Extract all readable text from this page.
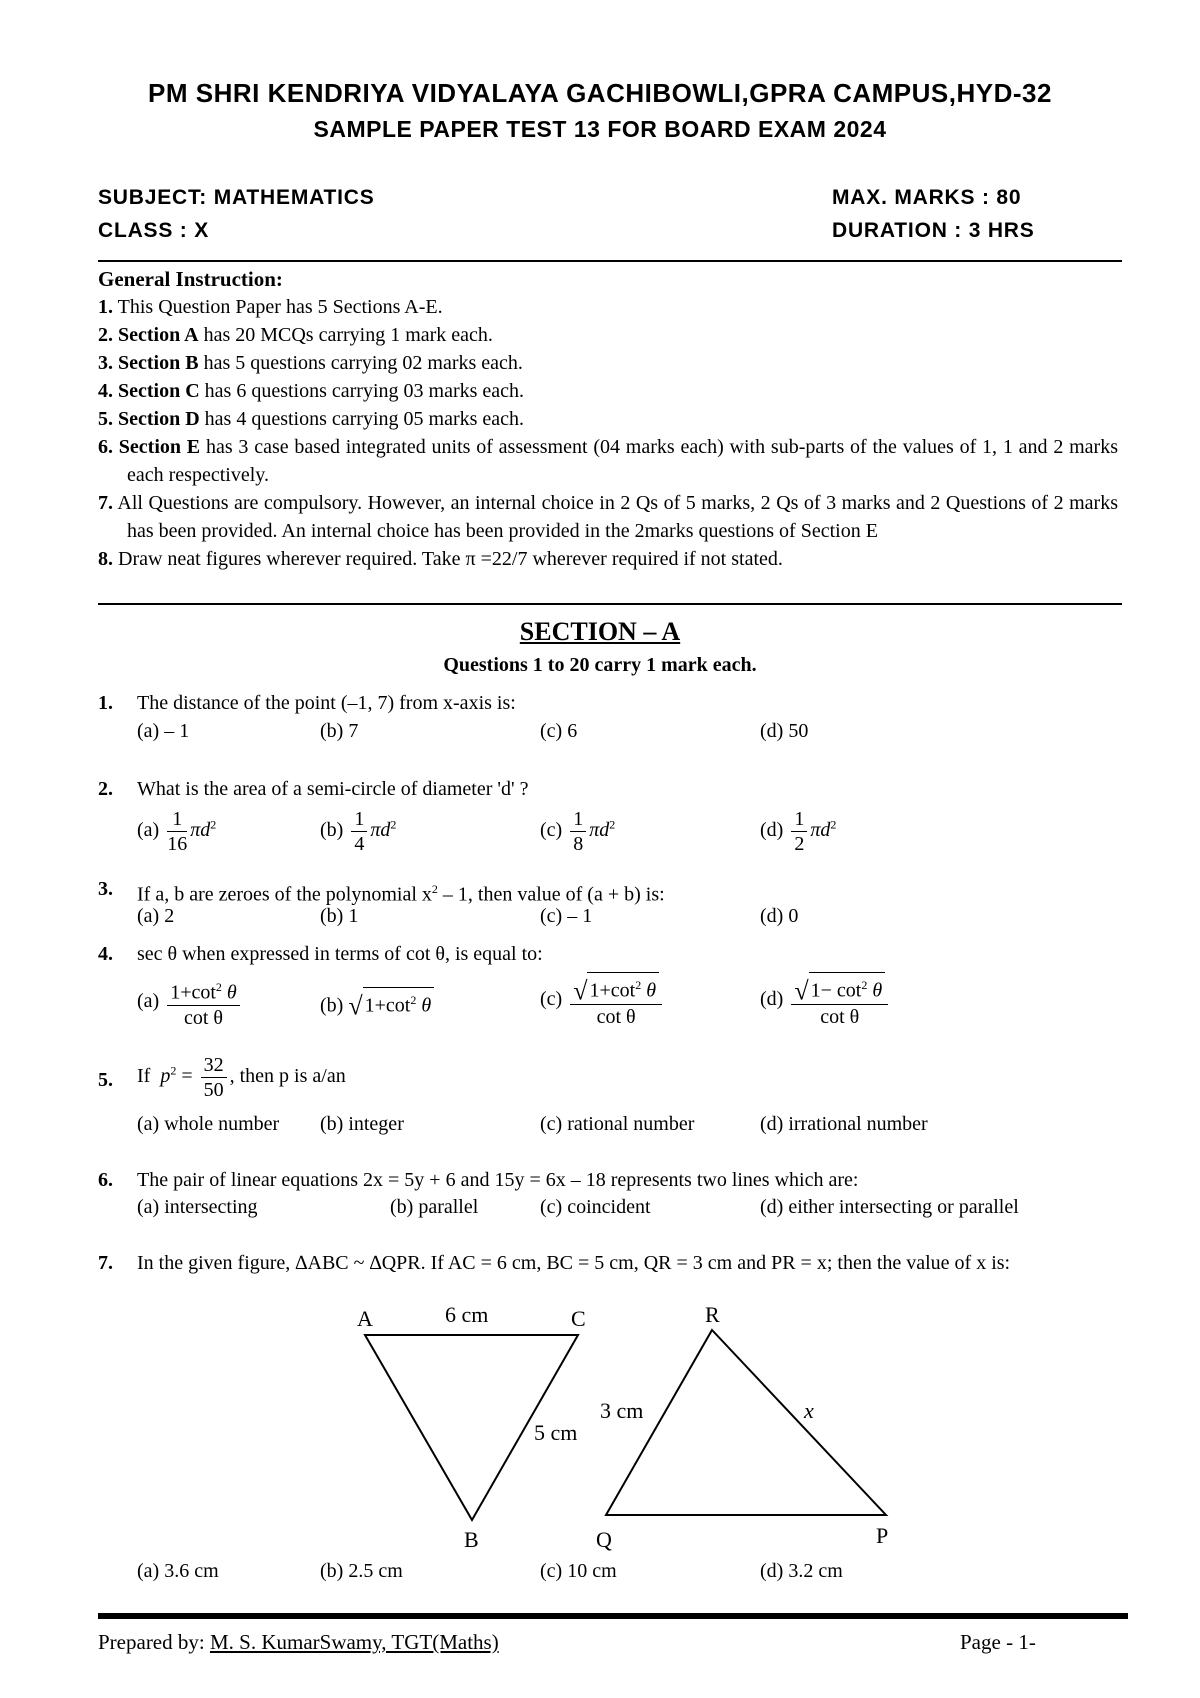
PM SHRI KENDRIYA VIDYALAYA GACHIBOWLI,GPRA CAMPUS,HYD-32
SAMPLE PAPER TEST 13 FOR BOARD EXAM 2024
SUBJECT: MATHEMATICS	MAX. MARKS : 80
CLASS : X	DURATION : 3 HRS
General Instruction:
1. This Question Paper has 5 Sections A-E.
2. Section A has 20 MCQs carrying 1 mark each.
3. Section B has 5 questions carrying 02 marks each.
4. Section C has 6 questions carrying 03 marks each.
5. Section D has 4 questions carrying 05 marks each.
6. Section E has 3 case based integrated units of assessment (04 marks each) with sub-parts of the values of 1, 1 and 2 marks each respectively.
7. All Questions are compulsory. However, an internal choice in 2 Qs of 5 marks, 2 Qs of 3 marks and 2 Questions of 2 marks has been provided. An internal choice has been provided in the 2marks questions of Section E
8. Draw neat figures wherever required. Take π =22/7 wherever required if not stated.
SECTION – A
Questions 1 to 20 carry 1 mark each.
1. The distance of the point (–1, 7) from x-axis is:
(a) – 1	(b) 7	(c) 6	(d) 50
2. What is the area of a semi-circle of diameter 'd' ?
$(a) \frac{1}{16} \pi d^2$	$(b) \frac{1}{4} \pi d^2$	$(c) \frac{1}{8} \pi d^2$	$(d) \frac{1}{2} \pi d^2$
3. If a, b are zeroes of the polynomial $x^2 - 1$, then value of (a + b) is:
(a) 2	(b) 1	(c) – 1	(d) 0
4. sec θ when expressed in terms of cot θ, is equal to:
$(a) \frac{1+\cot^2 \theta}{\text{cot θ}}$	(b) √ $1+\cot^2$ θ	$(c) \frac{√ 1+\cot^2 \theta}{\text{cot θ}}$	$(d) \frac{√ 1- \cot^2 \theta}{\text{cot θ}}$
5. If $p^2 = \frac{32}{50}$ , then p is a/an
(a) whole number (b) integer	(c) rational number	(d) irrational number
6. The pair of linear equations 2x = 5y + 6 and 15y = 6x – 18 represents two lines which are:
(a) intersecting	(b) parallel	(c) coincident	(d) either intersecting or parallel
7. In the given figure, ∆ABC ~ ∆QPR. If AC = 6 cm, BC = 5 cm, QR = 3 cm and PR = x; then the value of x is:
A	C
B
6 cm
5 cm
R
Q	P
3 cm	x
(a) 3.6 cm	(b) 2.5 cm	(c) 10 cm	(d) 3.2 cm
Prepared by: M. S. KumarSwamy, TGT(Maths)	Page - 1-
